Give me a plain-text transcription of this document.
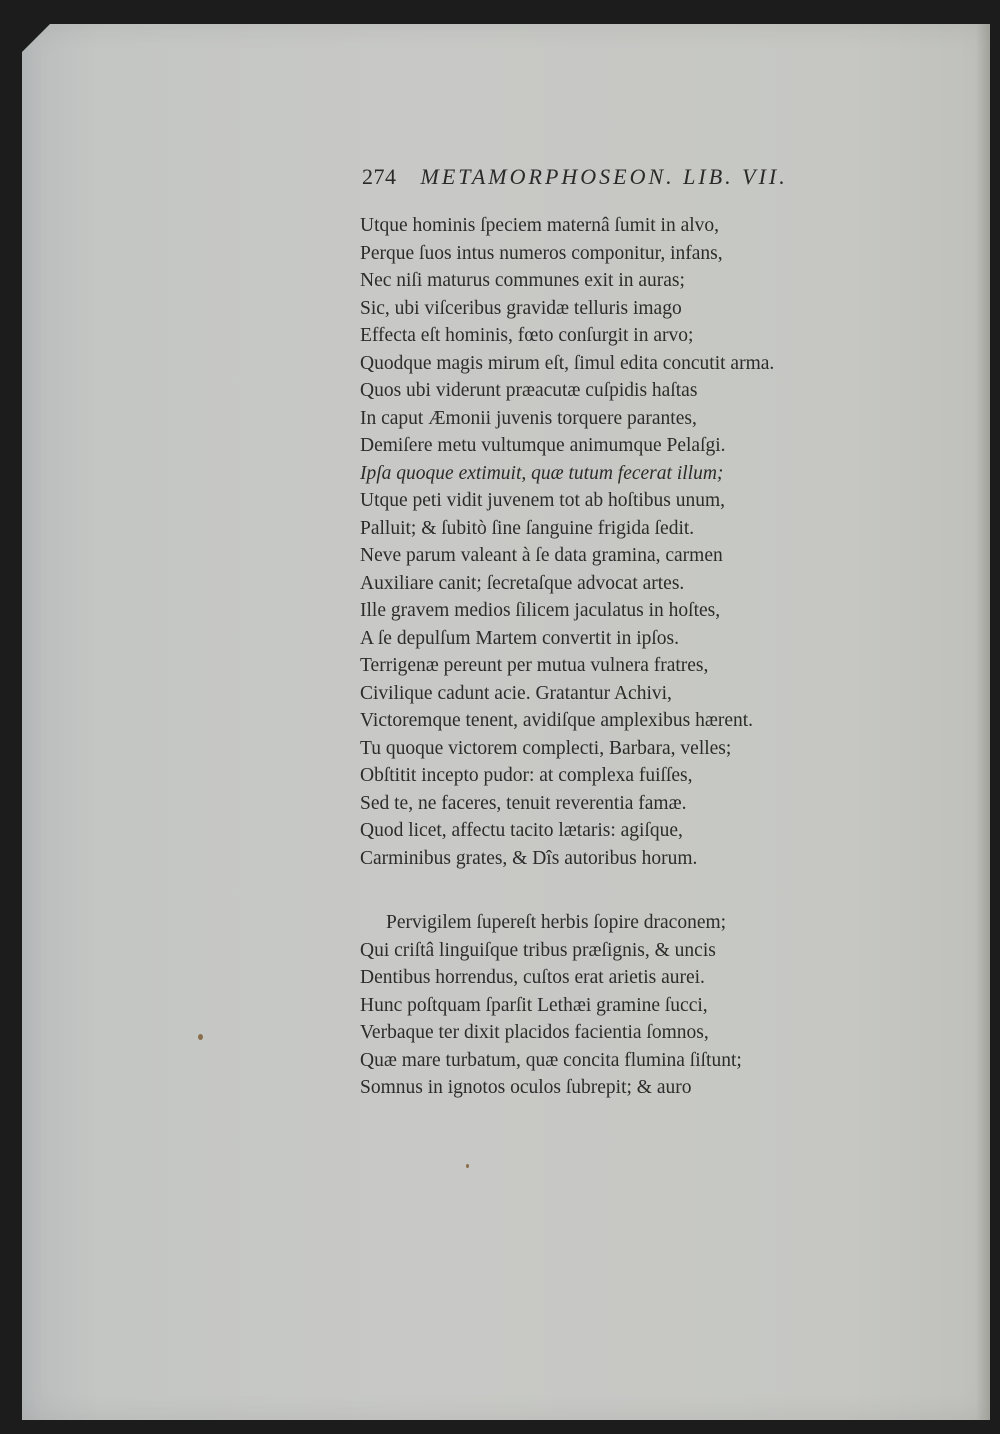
274 METAMORPHOSEON. LIB. VII.
Utque hominis ſpeciem maternâ ſumit in alvo,
Perque ſuos intus numeros componitur, infans,
Nec niſi maturus communes exit in auras;
Sic, ubi viſceribus gravidæ telluris imago
Effecta eſt hominis, fœto conſurgit in arvo;
Quodque magis mirum eſt, ſimul edita concutit arma.
Quos ubi viderunt præacutæ cuſpidis haſtas
In caput Æmonii juvenis torquere parantes,
Demiſere metu vultumque animumque Pelaſgi.
Ipſa quoque extimuit, quæ tutum fecerat illum;
Utque peti vidit juvenem tot ab hoſtibus unum,
Palluit; & ſubitò ſine ſanguine frigida ſedit.
Neve parum valeant à ſe data gramina, carmen
Auxiliare canit; ſecretaſque advocat artes.
Ille gravem medios ſilicem jaculatus in hoſtes,
A ſe depulſum Martem convertit in ipſos.
Terrigenæ pereunt per mutua vulnera fratres,
Civilique cadunt acie. Gratantur Achivi,
Victoremque tenent, avidiſque amplexibus hærent.
Tu quoque victorem complecti, Barbara, velles;
Obſtitit incepto pudor: at complexa fuiſſes,
Sed te, ne faceres, tenuit reverentia famæ.
Quod licet, affectu tacito lætaris: agiſque,
Carminibus grates, & Dîs autoribus horum.
Pervigilem ſupereſt herbis ſopire draconem;
Qui criſtâ linguiſque tribus præſignis, & uncis
Dentibus horrendus, cuſtos erat arietis aurei.
Hunc poſtquam ſparſit Lethæi gramine ſucci,
Verbaque ter dixit placidos facientia ſomnos,
Quæ mare turbatum, quæ concita flumina ſiſtunt;
Somnus in ignotos oculos ſubrepit; & auro
